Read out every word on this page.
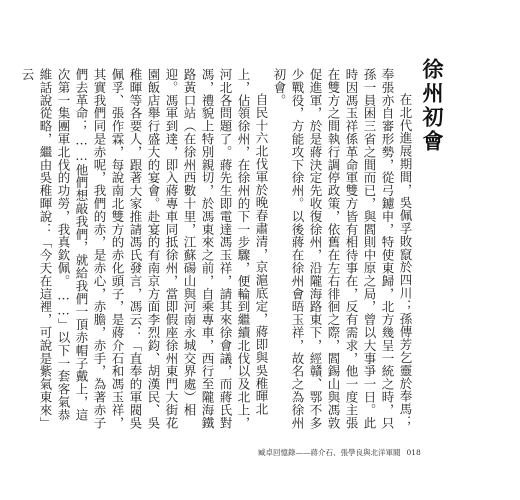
徐州初會

在北代進展期間，吳佩孚敗竄於四川；孫傳芳乞靈於奉馬；奉張亦自審形勢，從弓鑢申，特使東歸，北方幾呈一統之時，只孫一員困三省之間而已，與閻則中原之局，曾以大事爭一日。此時因馮玉祥係革命軍雙方皆有相待事在，反有需求，他一度主張在雙方之間執行調停政策，依舊在左右徘徊之際，閻錫山與馮敦促進軍，於是蔣決定先收復徐州，沿隴海路東下，經贛、鄂不多少戰役，方能攻下徐州。以後蔣在徐州會晤玉祥，故名之為徐州初會。

自民十六北伐軍於晚春肅清，京滬底定，蔣即與吳稚暉北上，佔領徐州，在徐州的下一步驟，便輪到繼續北伐以及北上，河北各問題了。蔣先生即電達馮玉祥，請其來徐會議，而蔣氏對馮，禮貌上特別親切，於馮東來之前，自乘專車，西行至隴海鐵路黃口站（在徐州西數十里，江蘇碭山與河南永城交界處）相迎。馮軍到達，即入蔣專車同抵徐州，當即假座徐州東門大街花園飯店舉行盛大的宴會。赴宴的有南京方面李烈鈞、胡漢民、吳稚暉等各要人，跟著大家推請馮氏發言，馮云：「直奉的軍閥吳佩孚、張作霖，每說南北雙方的赤化頭子，是蔣介石和馮玉祥，其實我們同是赤呢，我們的赤，是赤心，赤膽，赤手，為著赤子們去革命；……他們想敲我們，就給我們一頂赤帽子戴上，這次第一集團軍北伐的功勞，我真欽佩。……」以下一套客氣恭維話說從略，繼由吳稚暉說：「今天在這裡，可說是紫氣東來」云

臧卓回憶錄——蔣介石、張學良與北洋軍閥 018
